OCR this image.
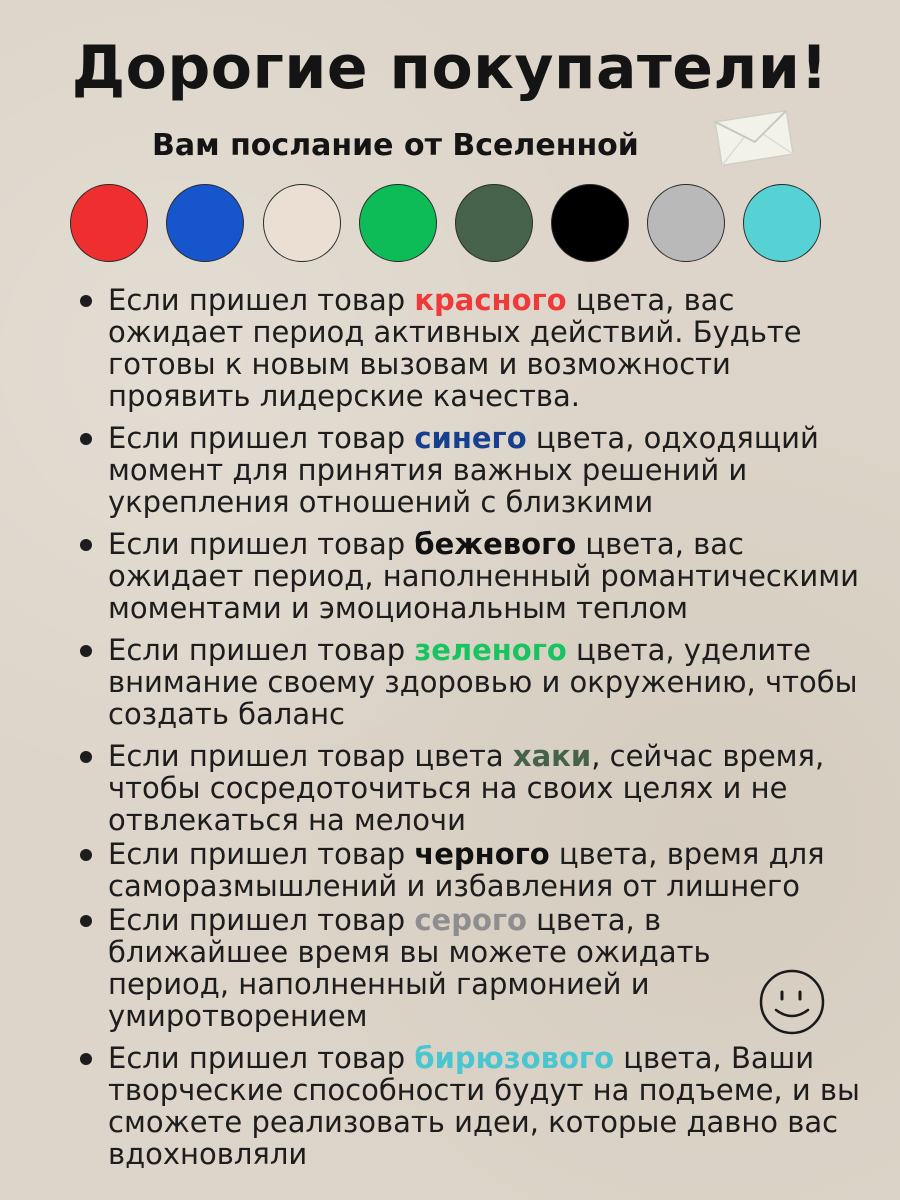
Дорогие покупатели!
Вам послание от Вселенной
Если пришел товар красного цвета, вас ожидает период активных действий. Будьте готовы к новым вызовам и возможности проявить лидерские качества.
Если пришел товар синего цвета, одходящий момент для принятия важных решений и укрепления отношений с близкими
Если пришел товар бежевого цвета, вас ожидает период, наполненный романтическими моментами и эмоциональным теплом
Если пришел товар зеленого цвета, уделите внимание своему здоровью и окружению, чтобы создать баланс
Если пришел товар цвета хаки, сейчас время, чтобы сосредоточиться на своих целях и не отвлекаться на мелочи
Если пришел товар черного цвета, время для саморазмышлений и избавления от лишнего
Если пришел товар серого цвета, в ближайшее время вы можете ожидать период, наполненный гармонией и умиротворением
Если пришел товар бирюзового цвета, Ваши творческие способности будут на подъеме, и вы сможете реализовать идеи, которые давно вас вдохновляли
